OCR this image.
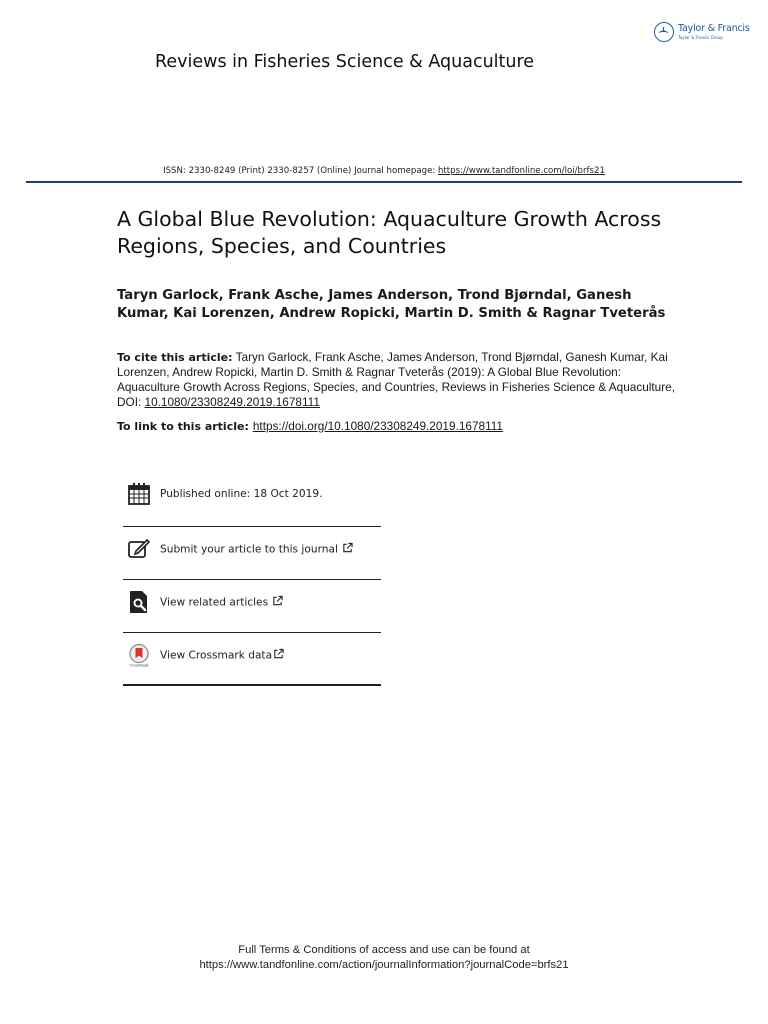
Taylor & Francis
Taylor & Francis Group
Reviews in Fisheries Science & Aquaculture
ISSN: 2330-8249 (Print) 2330-8257 (Online) Journal homepage: https://www.tandfonline.com/loi/brfs21
A Global Blue Revolution: Aquaculture Growth Across Regions, Species, and Countries
Taryn Garlock, Frank Asche, James Anderson, Trond Bjørndal, Ganesh Kumar, Kai Lorenzen, Andrew Ropicki, Martin D. Smith & Ragnar Tveterås
To cite this article: Taryn Garlock, Frank Asche, James Anderson, Trond Bjørndal, Ganesh Kumar, Kai Lorenzen, Andrew Ropicki, Martin D. Smith & Ragnar Tveterås (2019): A Global Blue Revolution: Aquaculture Growth Across Regions, Species, and Countries, Reviews in Fisheries Science & Aquaculture, DOI: 10.1080/23308249.2019.1678111
To link to this article: https://doi.org/10.1080/23308249.2019.1678111
Published online: 18 Oct 2019.
Submit your article to this journal
View related articles
CrossMark
View Crossmark data
Full Terms & Conditions of access and use can be found at
https://www.tandfonline.com/action/journalInformation?journalCode=brfs21
